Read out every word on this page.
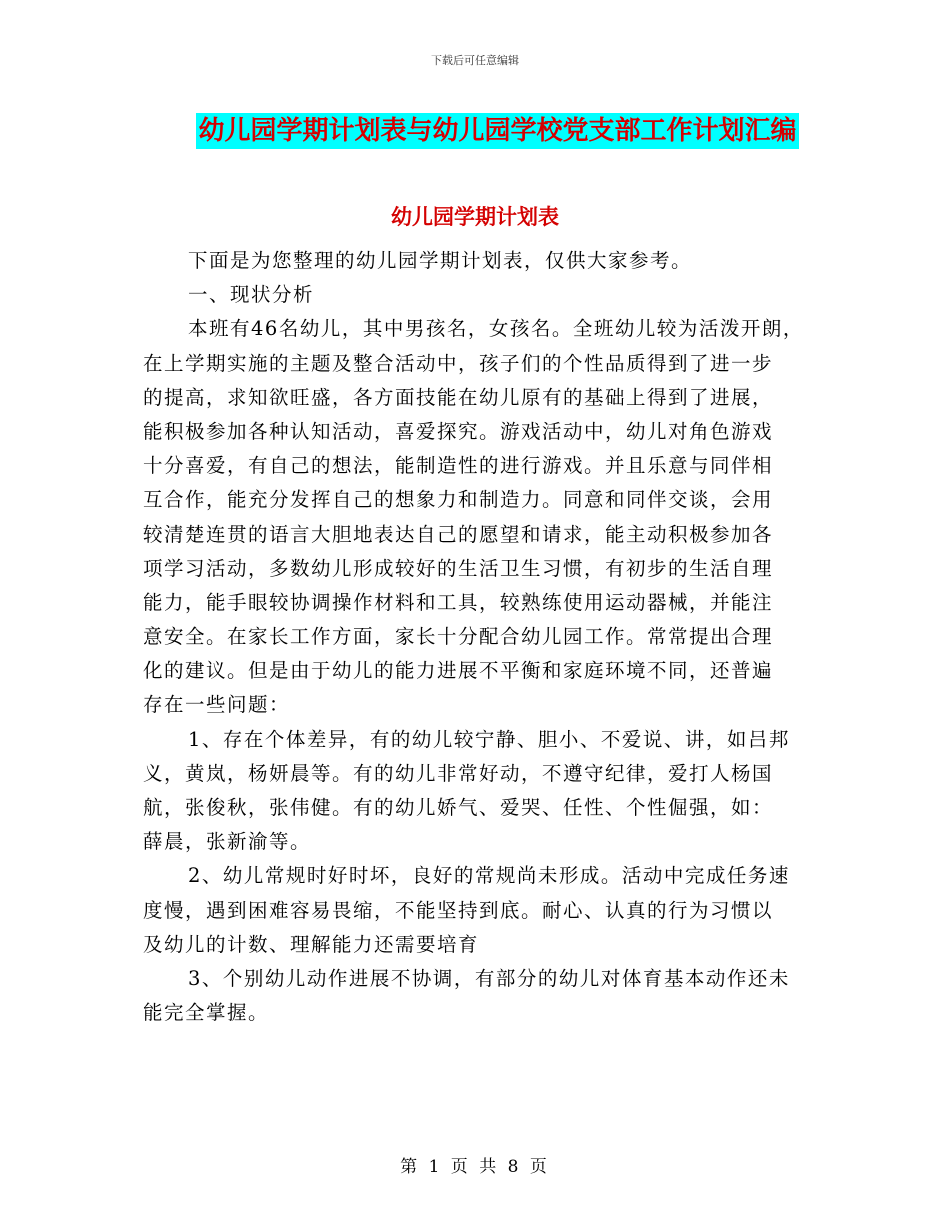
下载后可任意编辑
幼儿园学期计划表与幼儿园学校党支部工作计划汇编
幼儿园学期计划表
下面是为您整理的幼儿园学期计划表，仅供大家参考。
一、现状分析
本班有46名幼儿，其中男孩名，女孩名。全班幼儿较为活泼开朗，
在上学期实施的主题及整合活动中，孩子们的个性品质得到了进一步
的提高，求知欲旺盛，各方面技能在幼儿原有的基础上得到了进展，
能积极参加各种认知活动，喜爱探究。游戏活动中，幼儿对角色游戏
十分喜爱，有自己的想法，能制造性的进行游戏。并且乐意与同伴相
互合作，能充分发挥自己的想象力和制造力。同意和同伴交谈，会用
较清楚连贯的语言大胆地表达自己的愿望和请求，能主动积极参加各
项学习活动，多数幼儿形成较好的生活卫生习惯，有初步的生活自理
能力，能手眼较协调操作材料和工具，较熟练使用运动器械，并能注
意安全。在家长工作方面，家长十分配合幼儿园工作。常常提出合理
化的建议。但是由于幼儿的能力进展不平衡和家庭环境不同，还普遍
存在一些问题：
1、存在个体差异，有的幼儿较宁静、胆小、不爱说、讲，如吕邦
义，黄岚，杨妍晨等。有的幼儿非常好动，不遵守纪律，爱打人杨国
航，张俊秋，张伟健。有的幼儿娇气、爱哭、任性、个性倔强，如：
薛晨，张新渝等。
2、幼儿常规时好时坏，良好的常规尚未形成。活动中完成任务速
度慢，遇到困难容易畏缩，不能坚持到底。耐心、认真的行为习惯以
及幼儿的计数、理解能力还需要培育
3、个别幼儿动作进展不协调，有部分的幼儿对体育基本动作还未
能完全掌握。
第 1 页 共 8 页
